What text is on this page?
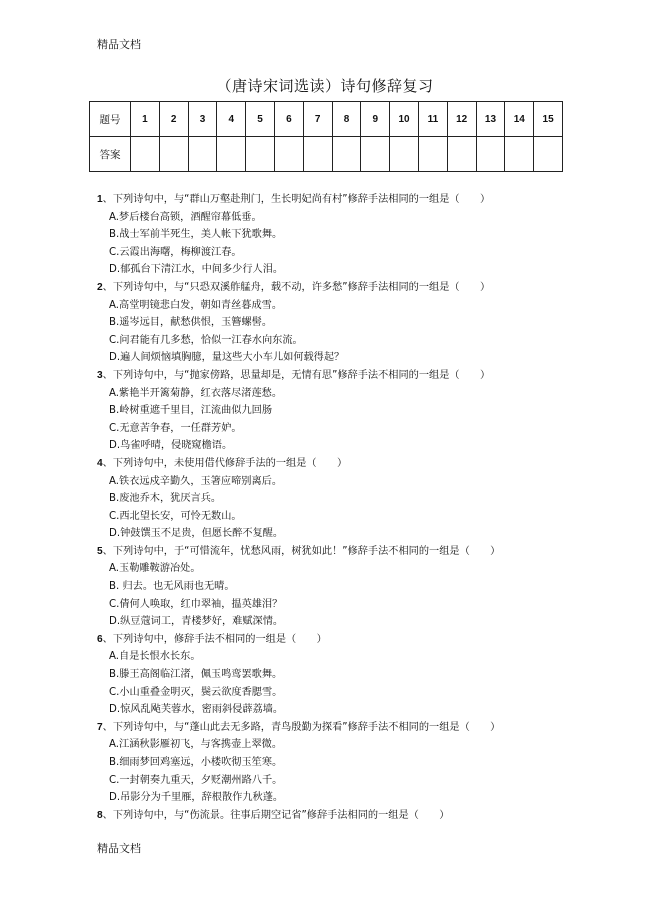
精品文档
（唐诗宋词选读）诗句修辞复习
题号	1	2	3	4	5	6	7	8	9	10	11	12	13	14	15
答案															
1、下列诗句中，与“群山万壑赴荆门，生长明妃尚有村”修辞手法相同的一组是（　　）
A.梦后楼台高锁，酒醒帘幕低垂。
B.战士军前半死生，美人帐下犹歌舞。
C.云霞出海曙，梅柳渡江春。
D.郁孤台下清江水，中间多少行人泪。
2、下列诗句中，与“只恐双溪舴艋舟，载不动，许多愁”修辞手法相同的一组是（　　）
A.高堂明镜悲白发，朝如青丝暮成雪。
B.遥岑远目，献愁供恨，玉簪螺髻。
C.问君能有几多愁，恰似一江春水向东流。
D.遍人间烦恼填胸臆，量这些大小车儿如何载得起？
3、下列诗句中，与“抛家傍路，思量却是，无情有思”修辞手法不相同的一组是（　　）
A.紫艳半开篱菊静，红衣落尽渚莲愁。
B.岭树重遮千里目，江流曲似九回肠
C.无意苦争春，一任群芳妒。
D.鸟雀呼晴，侵晓窥檐语。
4、下列诗句中，未使用借代修辞手法的一组是（　　）
A.铁衣远戍辛勤久，玉箸应啼别离后。
B.废池乔木，犹厌言兵。
C.西北望长安，可怜无数山。
D.钟鼓馔玉不足贵，但愿长醉不复醒。
5、下列诗句中，于“可惜流年，忧愁风雨，树犹如此！”修辞手法不相同的一组是（　　）
A.玉勒雕鞍游冶处。
B. 归去。也无风雨也无晴。
C.倩何人唤取，红巾翠袖，揾英雄泪？
D.纵豆蔻词工，青楼梦好，难赋深情。
6、下列诗句中，修辞手法不相同的一组是（　　）
A.自是长恨水长东。
B.滕王高阁临江渚，佩玉鸣鸾罢歌舞。
C.小山重叠金明灭，鬓云欲度香腮雪。
D.惊风乱飐芙蓉水，密雨斜侵薜荔墙。
7、下列诗句中，与“蓬山此去无多路，青鸟殷勤为探看”修辞手法不相同的一组是（　　）
A.江涵秋影雁初飞，与客携壶上翠微。
B.细雨梦回鸡塞远，小楼吹彻玉笙寒。
C.一封朝奏九重天，夕贬潮州路八千。
D.吊影分为千里雁，辞根散作九秋蓬。
8、下列诗句中，与“伤流景。往事后期空记省”修辞手法相同的一组是（　　）
精品文档
